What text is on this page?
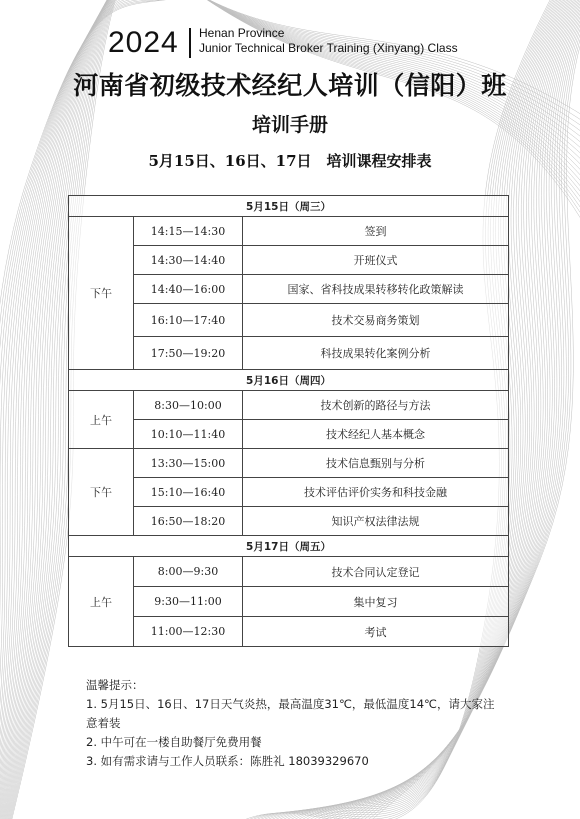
2024 Henan Province
Junior Technical Broker Training (Xinyang) Class
河南省初级技术经纪人培训（信阳）班
培训手册
5月15日、16日、17日　培训课程安排表
5月15日（周三）		
下午	14:15—14:30	签到
	14:30—14:40	开班仪式
	14:40—16:00	国家、省科技成果转移转化政策解读
	16:10—17:40	技术交易商务策划
	17:50—19:20	科技成果转化案例分析
5月16日（周四）		
上午	8:30—10:00	技术创新的路径与方法
	10:10—11:40	技术经纪人基本概念
下午	13:30—15:00	技术信息甄别与分析
	15:10—16:40	技术评估评价实务和科技金融
	16:50—18:20	知识产权法律法规
5月17日（周五）		
上午	8:00—9:30	技术合同认定登记
	9:30—11:00	集中复习
	11:00—12:30	考试
温馨提示：
1. 5月15日、16日、17日天气炎热，最高温度31℃，最低温度14℃，请大家注
意着装
2. 中午可在一楼自助餐厅免费用餐
3. 如有需求请与工作人员联系：陈胜礼 18039329670
